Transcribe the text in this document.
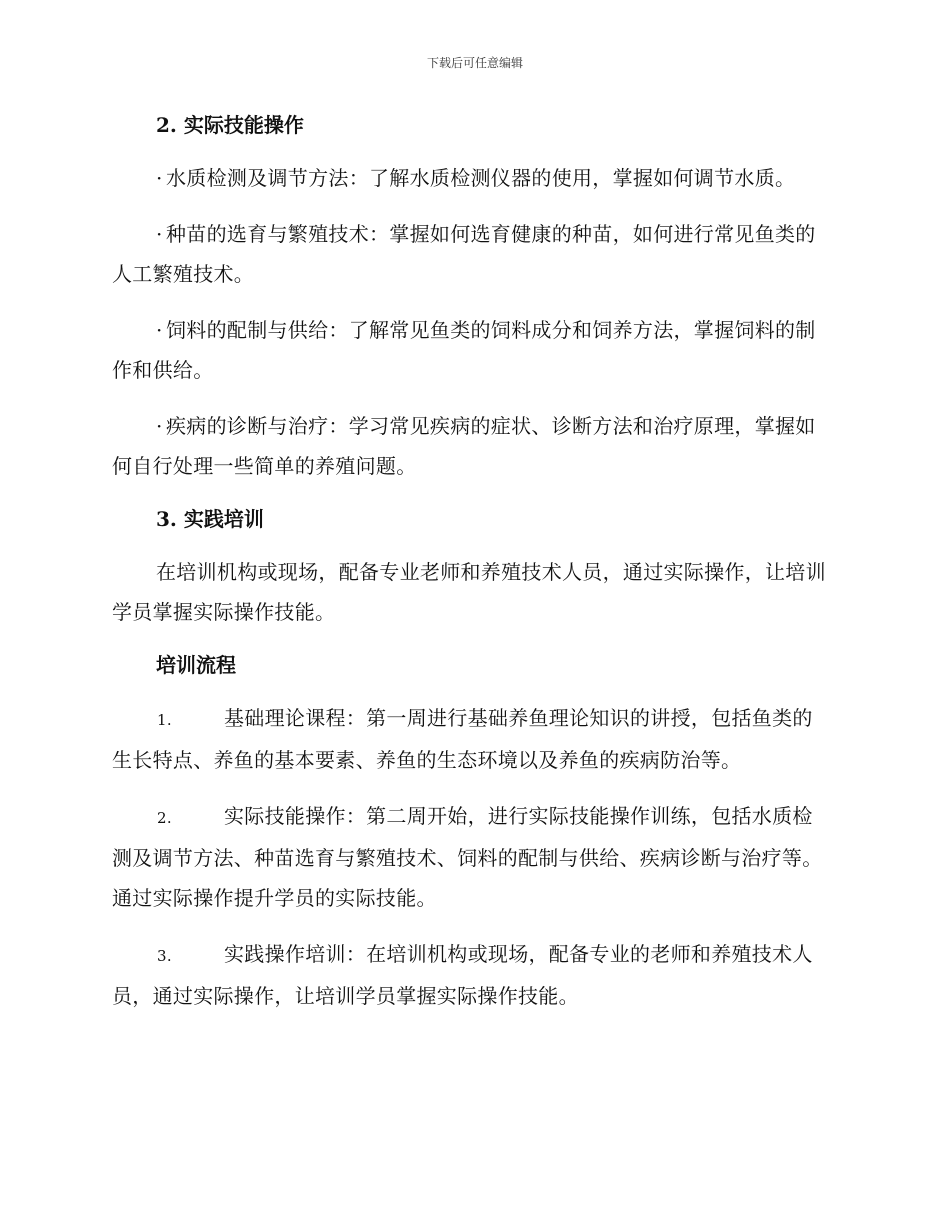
下载后可任意编辑
2. 实际技能操作

· 水质检测及调节方法：了解水质检测仪器的使用，掌握如何调节水质。

· 种苗的选育与繁殖技术：掌握如何选育健康的种苗，如何进行常见鱼类的人工繁殖技术。

· 饲料的配制与供给：了解常见鱼类的饲料成分和饲养方法，掌握饲料的制作和供给。

· 疾病的诊断与治疗：学习常见疾病的症状、诊断方法和治疗原理，掌握如何自行处理一些简单的养殖问题。

3. 实践培训

在培训机构或现场，配备专业老师和养殖技术人员，通过实际操作，让培训学员掌握实际操作技能。

培训流程

1.	基础理论课程：第一周进行基础养鱼理论知识的讲授，包括鱼类的生长特点、养鱼的基本要素、养鱼的生态环境以及养鱼的疾病防治等。

2.	实际技能操作：第二周开始，进行实际技能操作训练，包括水质检测及调节方法、种苗选育与繁殖技术、饲料的配制与供给、疾病诊断与治疗等。通过实际操作提升学员的实际技能。

3.	实践操作培训：在培训机构或现场，配备专业的老师和养殖技术人员，通过实际操作，让培训学员掌握实际操作技能。
